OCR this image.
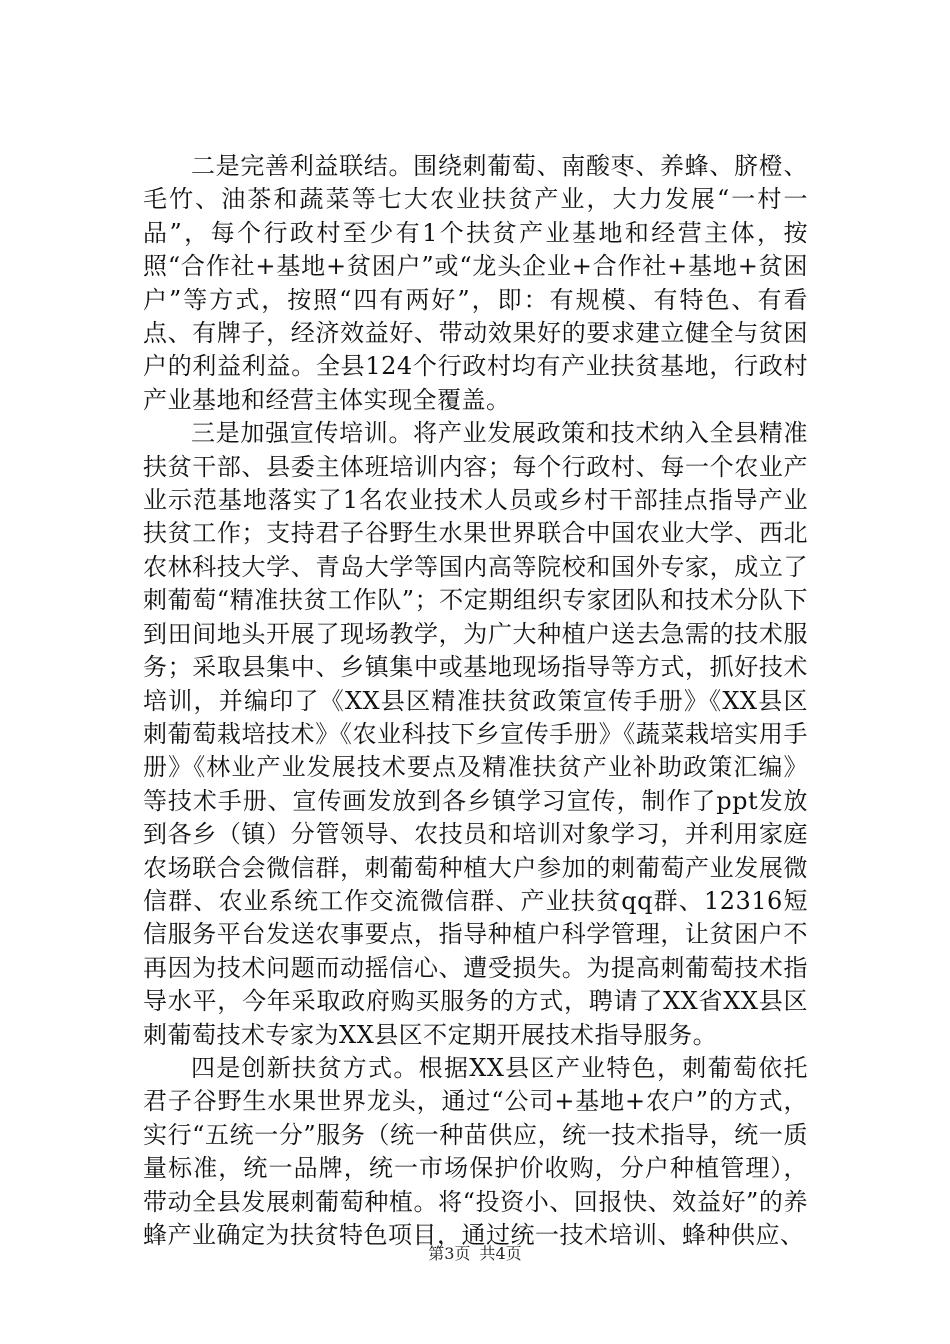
二是完善利益联结。围绕刺葡萄、南酸枣、养蜂、脐橙、毛竹、油茶和蔬菜等七大农业扶贫产业，大力发展“一村一品”，每个行政村至少有1个扶贫产业基地和经营主体，按照“合作社+基地+贫困户”或“龙头企业+合作社+基地+贫困户”等方式，按照“四有两好”，即：有规模、有特色、有看点、有牌子，经济效益好、带动效果好的要求建立健全与贫困户的利益利益。全县124个行政村均有产业扶贫基地，行政村产业基地和经营主体实现全覆盖。

三是加强宣传培训。将产业发展政策和技术纳入全县精准扶贫干部、县委主体班培训内容；每个行政村、每一个农业产业示范基地落实了1名农业技术人员或乡村干部挂点指导产业扶贫工作；支持君子谷野生水果世界联合中国农业大学、西北农林科技大学、青岛大学等国内高等院校和国外专家，成立了刺葡萄“精准扶贫工作队”；不定期组织专家团队和技术分队下到田间地头开展了现场教学，为广大种植户送去急需的技术服务；采取县集中、乡镇集中或基地现场指导等方式，抓好技术培训，并编印了《XX县区精准扶贫政策宣传手册》《XX县区刺葡萄栽培技术》《农业科技下乡宣传手册》《蔬菜栽培实用手册》《林业产业发展技术要点及精准扶贫产业补助政策汇编》等技术手册、宣传画发放到各乡镇学习宣传，制作了ppt发放到各乡（镇）分管领导、农技员和培训对象学习，并利用家庭农场联合会微信群，刺葡萄种植大户参加的刺葡萄产业发展微信群、农业系统工作交流微信群、产业扶贫qq群、12316短信服务平台发送农事要点，指导种植户科学管理，让贫困户不再因为技术问题而动摇信心、遭受损失。为提高刺葡萄技术指导水平，今年采取政府购买服务的方式，聘请了XX省XX县区刺葡萄技术专家为XX县区不定期开展技术指导服务。

四是创新扶贫方式。根据XX县区产业特色，刺葡萄依托君子谷野生水果世界龙头，通过“公司+基地+农户”的方式，实行“五统一分”服务（统一种苗供应，统一技术指导，统一质量标准，统一品牌，统一市场保护价收购，分户种植管理），带动全县发展刺葡萄种植。将“投资小、回报快、效益好”的养蜂产业确定为扶贫特色项目，通过统一技术培训、蜂种供应、

第3页 共4页
